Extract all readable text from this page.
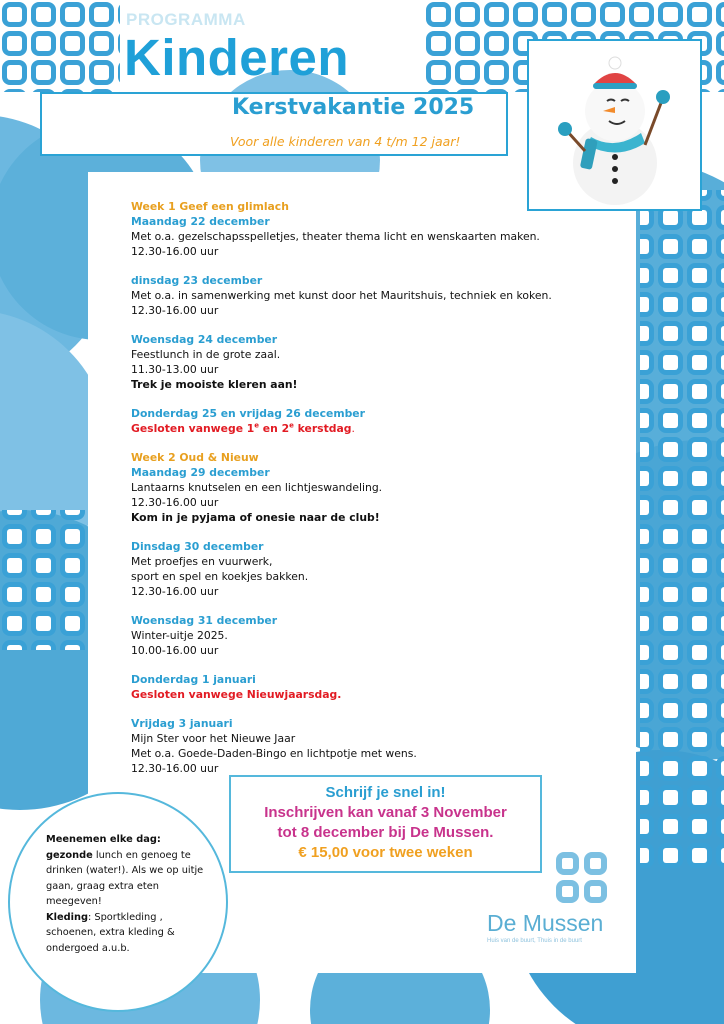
PROGRAMMA
Kinderen
Kerstvakantie 2025
Voor alle kinderen van 4 t/m 12 jaar!
Week 1 Geef een glimlach
Maandag 22 december
Met o.a. gezelschapsspelletjes, theater thema licht en wenskaarten maken.
12.30-16.00 uur
dinsdag 23 december
Met o.a. in samenwerking met kunst door het Mauritshuis, techniek en koken.
12.30-16.00 uur
Woensdag 24 december
Feestlunch in de grote zaal.
11.30-13.00 uur
Trek je mooiste kleren aan!
Donderdag 25 en vrijdag 26 december
Gesloten vanwege 1e en 2e kerstdag.
Week 2 Oud & Nieuw
Maandag 29 december
Lantaarns knutselen en een lichtjeswandeling.
12.30-16.00 uur
Kom in je pyjama of onesie naar de club!
Dinsdag 30 december
Met proefjes en vuurwerk,
sport en spel en koekjes bakken.
12.30-16.00 uur
Woensdag 31 december
Winter-uitje 2025.
10.00-16.00 uur
Donderdag 1 januari
Gesloten vanwege Nieuwjaarsdag.
Vrijdag 3 januari
Mijn Ster voor het Nieuwe Jaar
Met o.a. Goede-Daden-Bingo en lichtpotje met wens.
12.30-16.00 uur
Schrijf je snel in!
Inschrijven kan vanaf 3 November
tot 8 december bij De Mussen.
€ 15,00 voor twee weken
Meenemen elke dag:
gezonde lunch en genoeg te drinken (water!). Als we op uitje gaan, graag extra eten meegeven!
Kleding: Sportkleding , schoenen, extra kleding & ondergoed a.u.b.
De Mussen
Huis van de buurt, Thuis in de buurt
